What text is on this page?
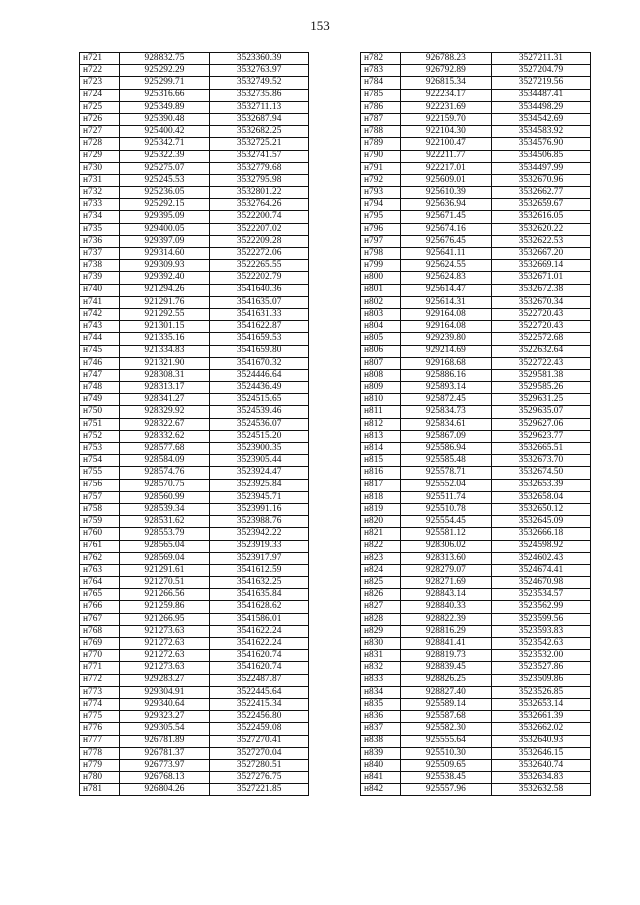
153
н721	928832.75	3523360.39
н722	925292.29	3532763.97
н723	925299.71	3532749.52
н724	925316.66	3532735.86
н725	925349.89	3532711.13
н726	925390.48	3532687.94
н727	925400.42	3532682.25
н728	925342.71	3532725.21
н729	925322.39	3532741.57
н730	925275.07	3532779.68
н731	925245.53	3532795.98
н732	925236.05	3532801.22
н733	925292.15	3532764.26
н734	929395.09	3522200.74
н735	929400.05	3522207.02
н736	929397.09	3522209.28
н737	929314.60	3522272.06
н738	929309.93	3522265.55
н739	929392.40	3522202.79
н740	921294.26	3541640.36
н741	921291.76	3541635.07
н742	921292.55	3541631.33
н743	921301.15	3541622.87
н744	921335.16	3541659.53
н745	921334.83	3541659.80
н746	921321.90	3541670.32
н747	928308.31	3524446.64
н748	928313.17	3524436.49
н749	928341.27	3524515.65
н750	928329.92	3524539.46
н751	928322.67	3524536.07
н752	928332.62	3524515.20
н753	928577.68	3523900.35
н754	928584.09	3523905.44
н755	928574.76	3523924.47
н756	928570.75	3523925.84
н757	928560.99	3523945.71
н758	928539.34	3523991.16
н759	928531.62	3523988.76
н760	928553.79	3523942.22
н761	928565.04	3523919.33
н762	928569.04	3523917.97
н763	921291.61	3541612.59
н764	921270.51	3541632.25
н765	921266.56	3541635.84
н766	921259.86	3541628.62
н767	921266.95	3541586.01
н768	921273.63	3541622.24
н769	921272.63	3541622.24
н770	921272.63	3541620.74
н771	921273.63	3541620.74
н772	929283.27	3522487.87
н773	929304.91	3522445.64
н774	929340.64	3522415.34
н775	929323.27	3522456.80
н776	929305.54	3522459.08
н777	926781.89	3527270.41
н778	926781.37	3527270.04
н779	926773.97	3527280.51
н780	926768.13	3527276.75
н781	926804.26	3527221.85
н782	926788.23	3527211.31
н783	926792.89	3527204.79
н784	926815.34	3527219.56
н785	922234.17	3534487.41
н786	922231.69	3534498.29
н787	922159.70	3534542.69
н788	922104.30	3534583.92
н789	922100.47	3534576.90
н790	922211.77	3534506.85
н791	922217.01	3534497.99
н792	925609.01	3532670.96
н793	925610.39	3532662.77
н794	925636.94	3532659.67
н795	925671.45	3532616.05
н796	925674.16	3532620.22
н797	925676.45	3532622.53
н798	925641.11	3532667.20
н799	925624.55	3532669.14
н800	925624.83	3532671.01
н801	925614.47	3532672.38
н802	925614.31	3532670.34
н803	929164.08	3522720.43
н804	929164.08	3522720.43
н805	929239.80	3522572.68
н806	929214.69	3522632.64
н807	929168.68	3522722.43
н808	925886.16	3529581.38
н809	925893.14	3529585.26
н810	925872.45	3529631.25
н811	925834.73	3529635.07
н812	925834.61	3529627.06
н813	925867.09	3529623.77
н814	925586.94	3532665.51
н815	925585.48	3532673.70
н816	925578.71	3532674.50
н817	925552.04	3532653.39
н818	925511.74	3532658.04
н819	925510.78	3532650.12
н820	925554.45	3532645.09
н821	925581.12	3532666.18
н822	928306.02	3524598.92
н823	928313.60	3524602.43
н824	928279.07	3524674.41
н825	928271.69	3524670.98
н826	928843.14	3523534.57
н827	928840.33	3523562.99
н828	928822.39	3523599.56
н829	928816.29	3523593.83
н830	928841.41	3523542.63
н831	928819.73	3523532.00
н832	928839.45	3523527.86
н833	928826.25	3523509.86
н834	928827.40	3523526.85
н835	925589.14	3532653.14
н836	925587.68	3532661.39
н837	925582.30	3532662.02
н838	925555.64	3532640.93
н839	925510.30	3532646.15
н840	925509.65	3532640.74
н841	925538.45	3532634.83
н842	925557.96	3532632.58
